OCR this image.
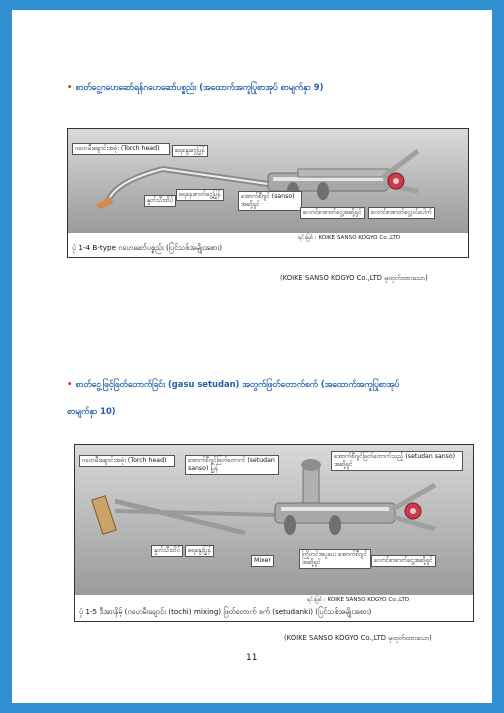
• စာတ်ငွေ့ဂဟေဆော်ရန်ဂဟေဆော်ပစ္စည်း (အထောက်အကူပြုစာအုပ် စာမျက်နှာ 9)
ဂဟေမီးချောင်းအဖုံး (Torch head)	ရေနွေးဗွေပြွန်
နှုတ်သီးထိပ်
ရေနေးစာတ်ငွေ့ပြွန်	အောက်စီဂျင် (sanso) အဆို့ရှင်
လောင်စာစာတ်ငွေ့အဆို့ရှင်	လောင်စာစာတ်ငွေ့ပင်ပေါက်
ရင်းမြစ် : KOIKE SANSO KOGYO Co.,LTD
ပုံ 1-4 B-type ဂဟေဆော်ပစ္စည်း (ပြင်သစ်အမျိုးအစား)
(KOIKE SANSO KOGYO Co.,LTD မှထုတ်ထားသော)
• စာတ်ငွေ့ဖြင့်ဖြတ်တောက်ခြင်း (gasu setudan) အတွက်ဖြတ်တောက်စက် (အထောက်အကူပြုစာအုပ်
စာမျက်နှာ 10)
ဂဟေမီးချောင်းအဖုံး (Torch head)	အောက်စီဂျင်ဖြတ်တောက် (setudan sanso) ပြွန်
အောက်စီဂျင်ဖြတ်တောက်သည့် (setudan sanso) အဆို့ရှင်
နှုတ်သီးထိပ်	ရေနွေးပြွန်
Mixer
ကြိုတင်အပူပေး အောက်စီဂျင်အဆို့ရှင်	လောင်စာစာတ်ငွေ့အဆို့ရှင်
ရင်းမြစ် : KOIKE SANSO KOGYO Co.,LTD
ပုံ 1-5 ဒီအားနိမ့် (ဂဟေမီးချောင်း (tochi) mixing) ဖြတ်တောက် စက် (setudanki) (ပြင်သစ်အမျိုးအစား)
(KOIKE SANSO KOGYO Co.,LTD မှထုတ်ထားသော)
11
